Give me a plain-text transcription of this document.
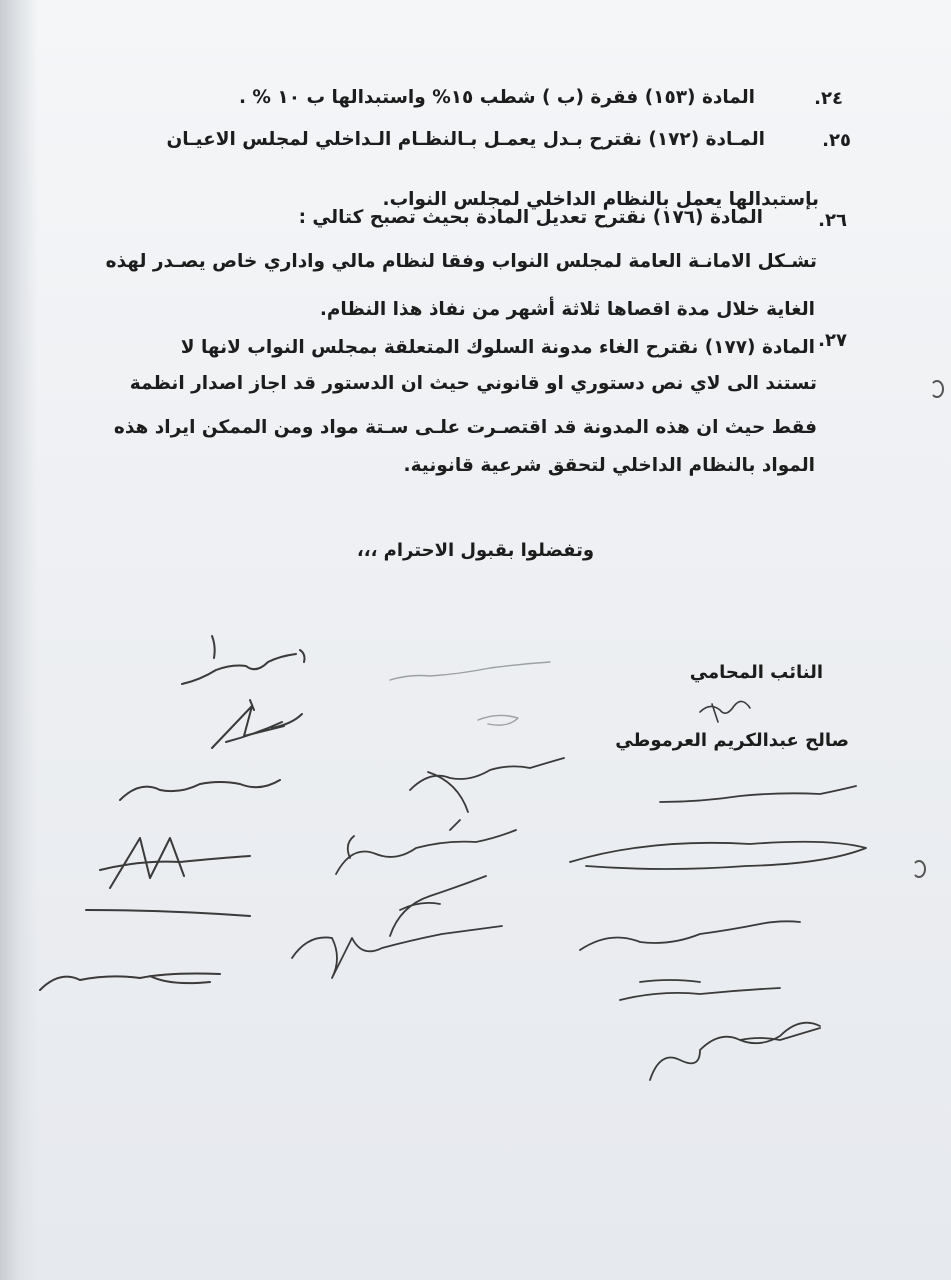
٢٤.
المادة (١٥٣) فقرة (ب ) شطب ١٥% واستبدالها ب ١٠ % .
٢٥.
المـادة (١٧٢) نقترح بـدل يعمـل بـالنظـام الـداخلي لمجلس الاعيـان
بإستبدالها يعمل بالنظام الداخلي لمجلس النواب.
٢٦.
المادة (١٧٦) نقترح تعديل المادة بحيث تصبح كتالي :
تشـكل الامانـة العامة لمجلس النواب وفقا لنظام مالي واداري خاص يصـدر لهذه
الغاية خلال مدة اقصاها ثلاثة أشهر من نفاذ هذا النظام.
٢٧.
المادة (١٧٧) نقترح الغاء مدونة السلوك المتعلقة بمجلس النواب لانها لا
تستند الى لاي نص دستوري او قانوني حيث ان الدستور قد اجاز اصدار انظمة
فقط حيث ان هذه المدونة قد اقتصـرت علـى سـتة مواد ومن الممكن ايراد هذه
المواد بالنظام الداخلي لتحقق شرعية قانونية.
وتفضلوا بقبول الاحترام ،،،
النائب المحامي
صالح عبدالكريم العرموطي
